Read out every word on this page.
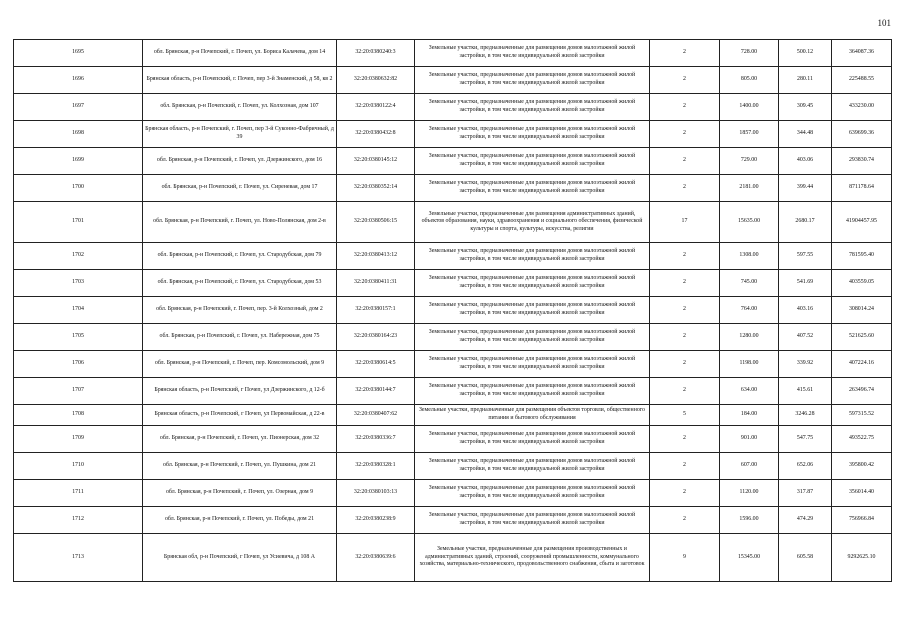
101
1695	обл. Брянская, р-н Почепский, г. Почеп, ул. Бориса Калачева, дом 14	32:20:0380240:3	Земельные участки, предназначенные для размещения домов малоэтажной жилой застройки, в том числе индивидуальной жилой застройки	2	728.00	500.12	364087.36
1696	Брянская область, р-н Почепский, г. Почеп, пер 3-й Знаменский, д 58, кв 2	32:20:0380632:82	Земельные участки, предназначенные для размещения домов малоэтажной жилой застройки, в том числе индивидуальной жилой застройки	2	805.00	280.11	225488.55
1697	обл. Брянская, р-н Почепский, г. Почеп, ул. Колхозная, дом 107	32:20:0380122:4	Земельные участки, предназначенные для размещения домов малоэтажной жилой застройки, в том числе индивидуальной жилой застройки	2	1400.00	309.45	433230.00
1698	Брянская область, р-н Почепский, г. Почеп, пер 3-й Суконно-Фабричный, д 39	32:20:0380432:8	Земельные участки, предназначенные для размещения домов малоэтажной жилой застройки, в том числе индивидуальной жилой застройки	2	1857.00	344.48	639699.36
1699	обл. Брянская, р-н Почепский, г. Почеп, ул. Дзержинского, дом 16	32:20:0380145:12	Земельные участки, предназначенные для размещения домов малоэтажной жилой застройки, в том числе индивидуальной жилой застройки	2	729.00	403.06	293830.74
1700	обл. Брянская, р-н Почепский, г. Почеп, ул. Сиреневая, дом 17	32:20:0380352:14	Земельные участки, предназначенные для размещения домов малоэтажной жилой застройки, в том числе индивидуальной жилой застройки	2	2181.00	399.44	871178.64
1701	обл. Брянская, р-н Почепский, г. Почеп, ул. Ново-Полянская, дом 2-в	32:20:0380506:15	Земельные участки, предназначенные для размещения административных зданий, объектов образования, науки, здравоохранения и социального обеспечения, физической культуры и спорта, культуры, искусства, религии	17	15635.00	2680.17	41904457.95
1702	обл. Брянская, р-н Почепский, г. Почеп, ул. Стародубская, дом 79	32:20:0380413:12	Земельные участки, предназначенные для размещения домов малоэтажной жилой застройки, в том числе индивидуальной жилой застройки	2	1308.00	597.55	781595.40
1703	обл. Брянская, р-н Почепский, г. Почеп, ул. Стародубская, дом 53	32:20:0380411:31	Земельные участки, предназначенные для размещения домов малоэтажной жилой застройки, в том числе индивидуальной жилой застройки	2	745.00	541.69	403559.05
1704	обл. Брянская, р-н Почепский, г. Почеп, пер. 3-й Колхозный, дом 2	32:20:0380157:1	Земельные участки, предназначенные для размещения домов малоэтажной жилой застройки, в том числе индивидуальной жилой застройки	2	764.00	403.16	308014.24
1705	обл. Брянская, р-н Почепский, г. Почеп, ул. Набережная, дом 75	32:20:0380164:23	Земельные участки, предназначенные для размещения домов малоэтажной жилой застройки, в том числе индивидуальной жилой застройки	2	1280.00	407.52	521625.60
1706	обл. Брянская, р-н Почепский, г. Почеп, пер. Комсомольский, дом 9	32:20:0380614:5	Земельные участки, предназначенные для размещения домов малоэтажной жилой застройки, в том числе индивидуальной жилой застройки	2	1198.00	339.92	407224.16
1707	Брянская область, р-н Почепский, г Почеп, ул Дзержинского, д 12-б	32:20:0380144:7	Земельные участки, предназначенные для размещения домов малоэтажной жилой застройки, в том числе индивидуальной жилой застройки	2	634.00	415.61	263496.74
1708	Брянская область, р-н Почепский, г Почеп, ул Первомайская, д 22-в	32:20:0380407:62	Земельные участки, предназначенные для размещения объектов торговли, общественного питания и бытового обслуживания	5	184.00	3246.28	597315.52
1709	обл. Брянская, р-н Почепский, г. Почеп, ул. Пионерская, дом 32	32:20:0380336:7	Земельные участки, предназначенные для размещения домов малоэтажной жилой застройки, в том числе индивидуальной жилой застройки	2	901.00	547.75	493522.75
1710	обл. Брянская, р-н Почепский, г. Почеп, ул. Пушкина, дом 21	32:20:0380328:1	Земельные участки, предназначенные для размещения домов малоэтажной жилой застройки, в том числе индивидуальной жилой застройки	2	607.00	652.06	395800.42
1711	обл. Брянская, р-н Почепский, г. Почеп, ул. Озерная, дом 9	32:20:0380103:13	Земельные участки, предназначенные для размещения домов малоэтажной жилой застройки, в том числе индивидуальной жилой застройки	2	1120.00	317.87	356014.40
1712	обл. Брянская, р-н Почепский, г. Почеп, ул. Победы, дом 21	32:20:0380238:9	Земельные участки, предназначенные для размещения домов малоэтажной жилой застройки, в том числе индивидуальной жилой застройки	2	1596.00	474.29	756966.84
1713	Брянская обл, р-н Почепский, г Почеп, ул Усиевича, д 108 А	32:20:0380639:6	Земельные участки, предназначенные для размещения производственных и административных зданий, строений, сооружений промышленности, коммунального хозяйства, материально-технического, продовольственного снабжения, сбыта и заготовок	9	15345.00	605.58	9292625.10
